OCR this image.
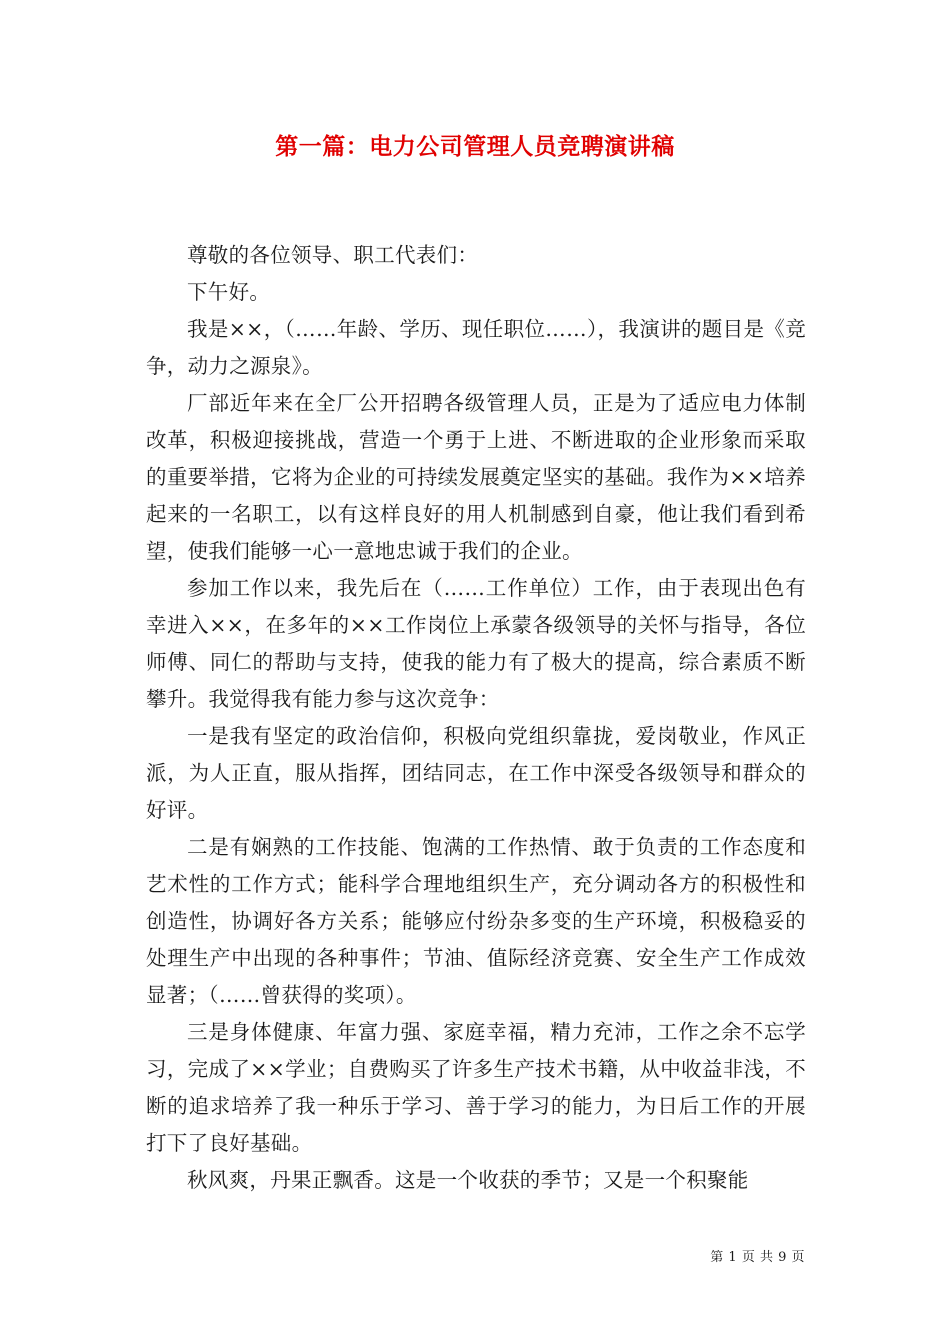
第一篇：电力公司管理人员竞聘演讲稿

尊敬的各位领导、职工代表们：

下午好。

我是××，（……年龄、学历、现任职位……），我演讲的题目是《竞争，动力之源泉》。

厂部近年来在全厂公开招聘各级管理人员，正是为了适应电力体制改革，积极迎接挑战，营造一个勇于上进、不断进取的企业形象而采取的重要举措，它将为企业的可持续发展奠定坚实的基础。我作为××培养起来的一名职工，以有这样良好的用人机制感到自豪，他让我们看到希望，使我们能够一心一意地忠诚于我们的企业。

参加工作以来，我先后在（……工作单位）工作，由于表现出色有幸进入××，在多年的××工作岗位上承蒙各级领导的关怀与指导，各位师傅、同仁的帮助与支持，使我的能力有了极大的提高，综合素质不断攀升。我觉得我有能力参与这次竞争：

一是我有坚定的政治信仰，积极向党组织靠拢，爱岗敬业，作风正派，为人正直，服从指挥，团结同志，在工作中深受各级领导和群众的好评。

二是有娴熟的工作技能、饱满的工作热情、敢于负责的工作态度和艺术性的工作方式；能科学合理地组织生产，充分调动各方的积极性和创造性，协调好各方关系；能够应付纷杂多变的生产环境，积极稳妥的处理生产中出现的各种事件；节油、值际经济竞赛、安全生产工作成效显著；（……曾获得的奖项）。

三是身体健康、年富力强、家庭幸福，精力充沛，工作之余不忘学习，完成了××学业；自费购买了许多生产技术书籍，从中收益非浅，不断的追求培养了我一种乐于学习、善于学习的能力，为日后工作的开展打下了良好基础。

秋风爽，丹果正飘香。这是一个收获的季节；又是一个积聚能

第 1 页 共 9 页
